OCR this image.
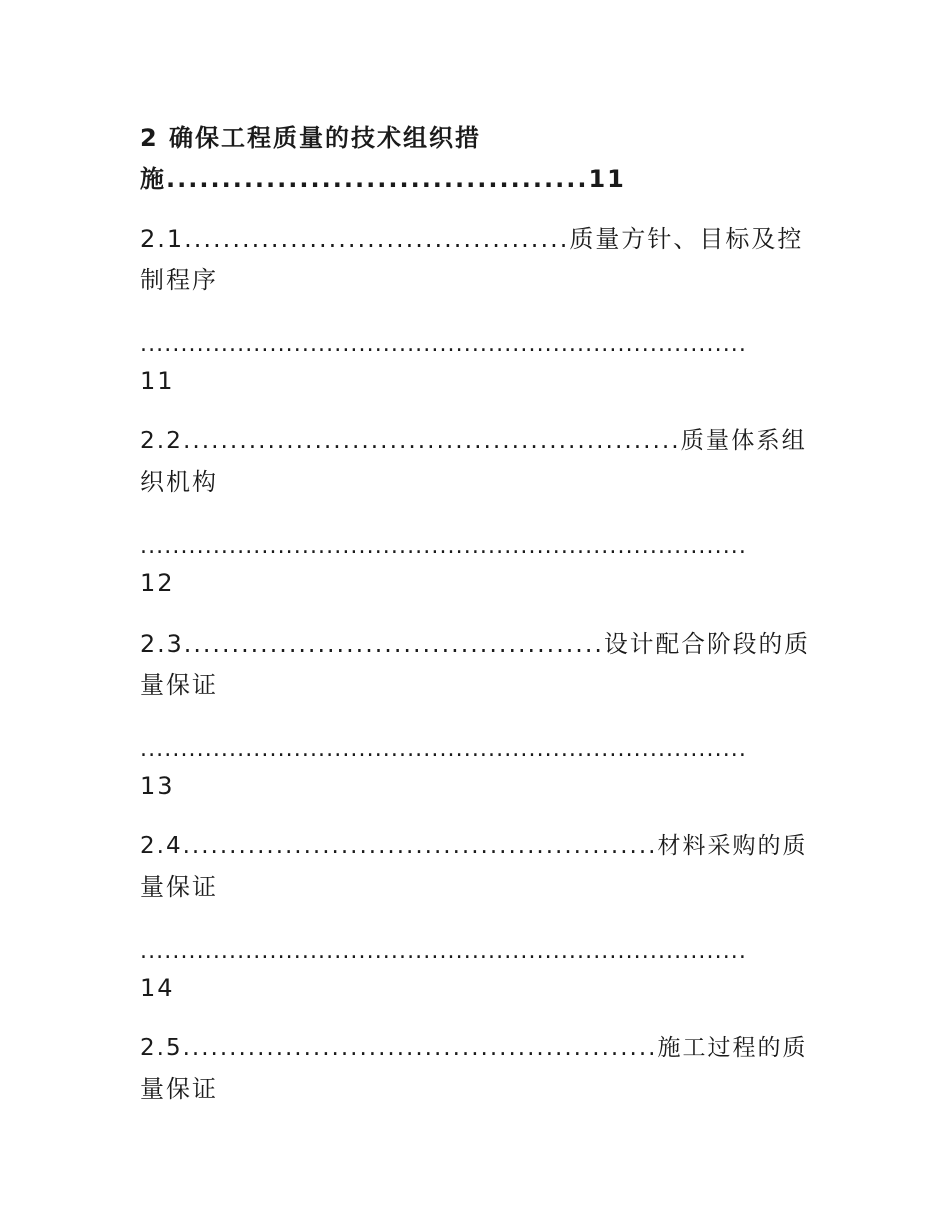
2 确保工程质量的技术组织措
施......................................11
2.1........................................质量方针、目标及控
制程序
...........................................................................
11
2.2.....................................................质量体系组
织机构
...........................................................................
12
2.3............................................设计配合阶段的质
量保证
...........................................................................
13
2.4...................................................材料采购的质
量保证
...........................................................................
14
2.5...................................................施工过程的质
量保证
